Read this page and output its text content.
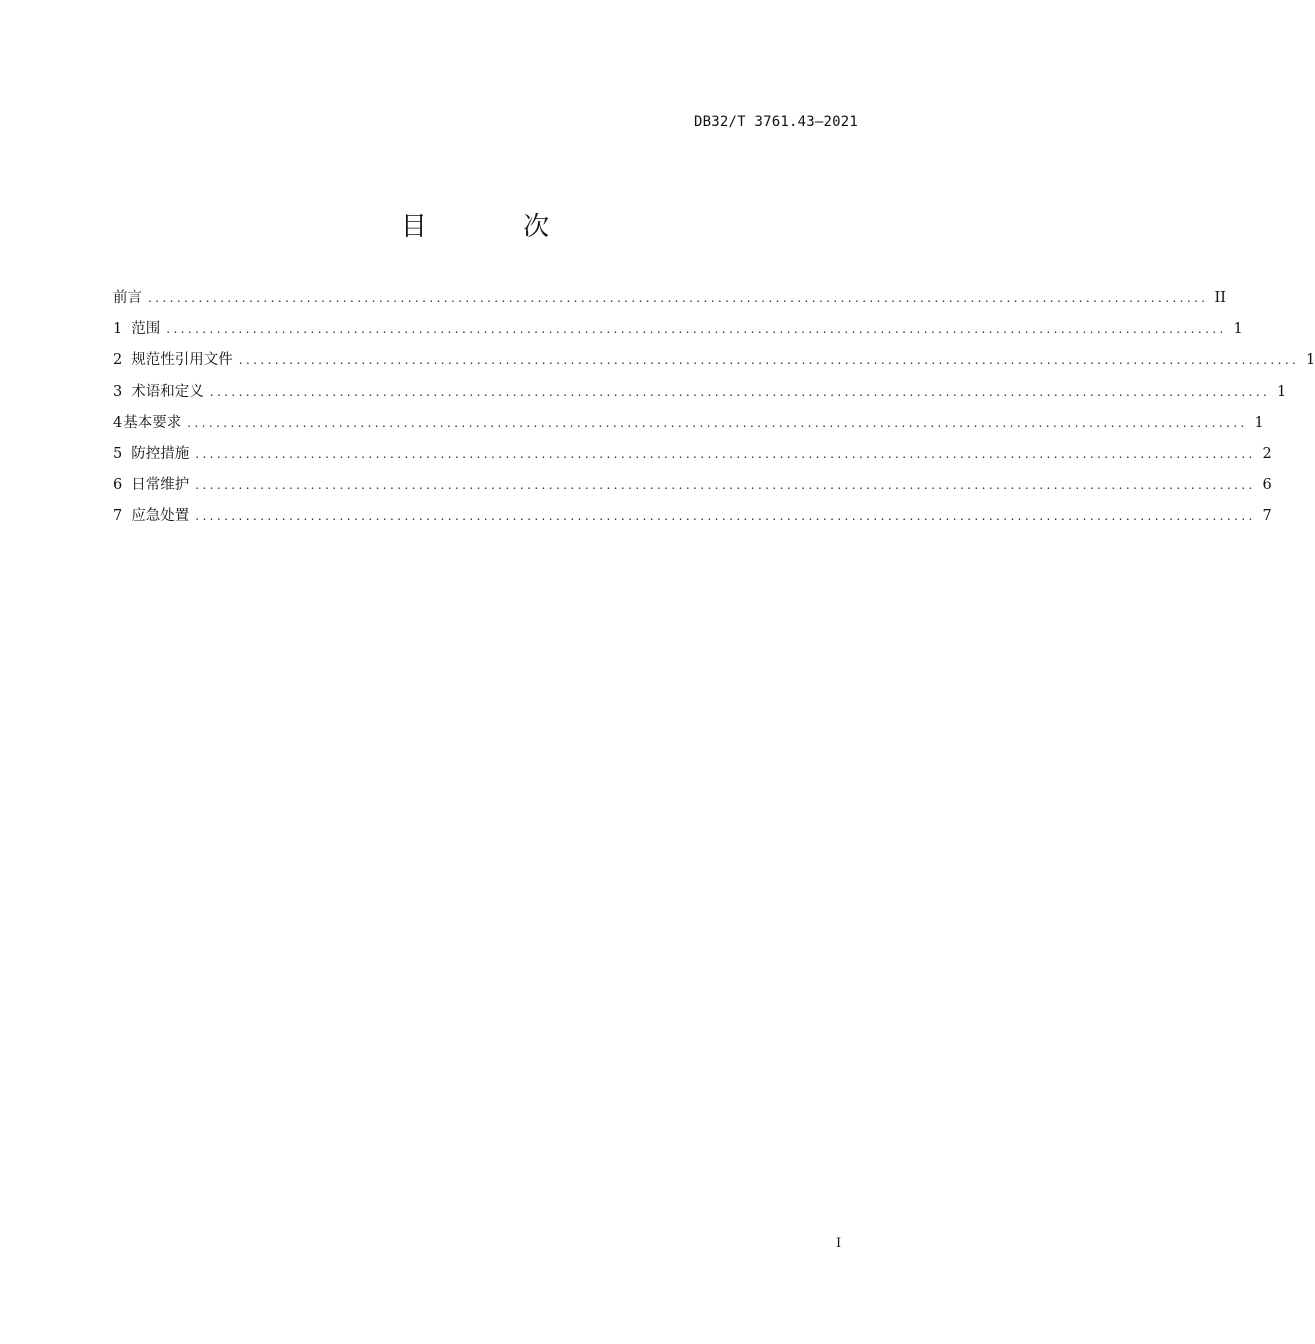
DB32/T 3761.43—2021
目 次
前言 ................................................................................................................................................... II
1 范围 ................................................................................................................................................... 1
2 规范性引用文件 ................................................................................................................................................... 1
3 术语和定义 ................................................................................................................................................... 1
4 基本要求 ................................................................................................................................................... 1
5 防控措施 ................................................................................................................................................... 2
6 日常维护 ................................................................................................................................................... 6
7 应急处置 ................................................................................................................................................... 7
I
